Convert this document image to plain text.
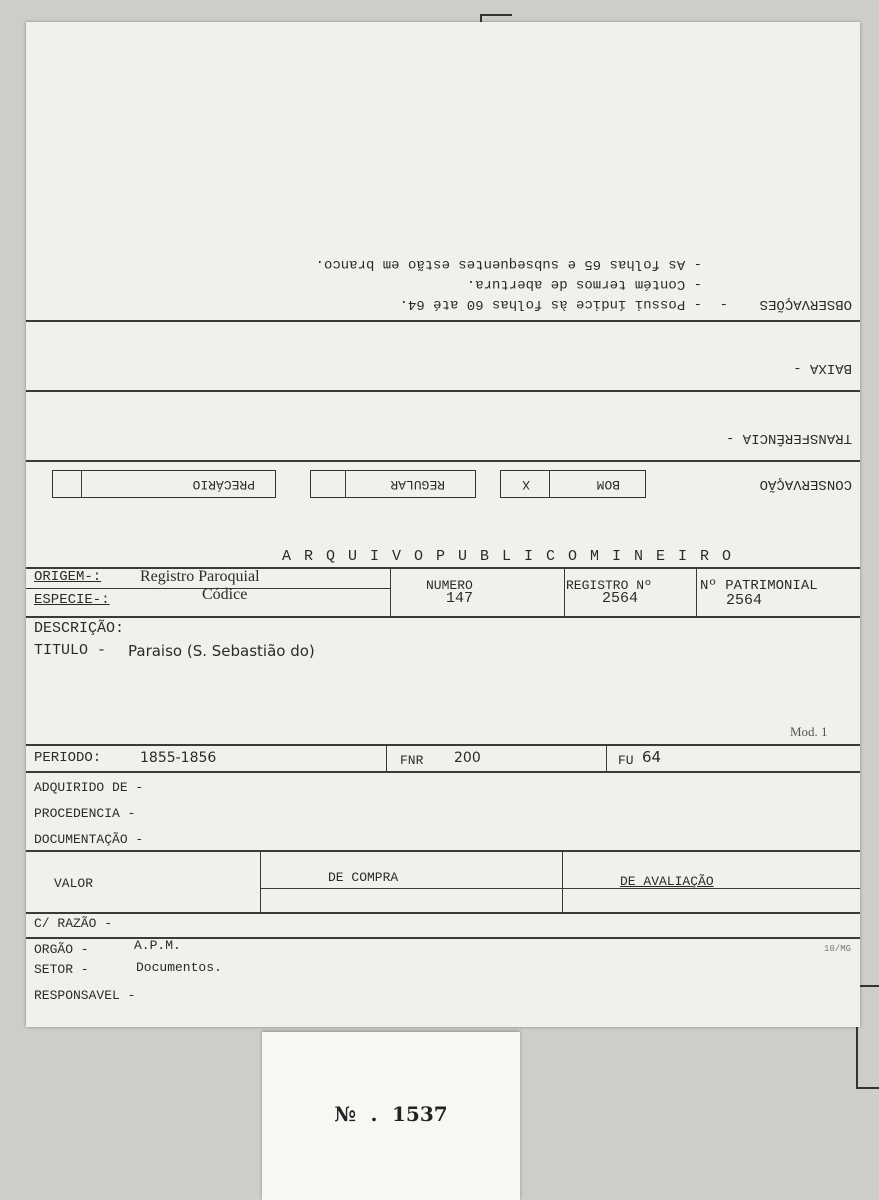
CONSERVAÇÃO
X	BOM
REGULAR
PRECÁRIO
TRANSFERÊNCIA -
BAIXA -
OBSERVAÇÕES
-
- Possui índice às folhas 60 até 64.
- Contém termos de abertura.
- As folhas 65 e subsequentes estão em branco.
A R Q U I V O P U B L I C O M I N E I R O
ORIGEM-: Registro Paroquial
ESPECIE-:	Códice
NUMERO
147
REGISTRO Nº
2564
Nº PATRIMONIAL
2564
DESCRIÇÃO:
TITULO - Paraiso (S. Sebastião do)
Mod. 1
PERIODO:	1855-1856	FNR 200	FU 64
ADQUIRIDO DE -
PROCEDENCIA -
DOCUMENTAÇÃO -
VALOR	DE COMPRA	DE AVALIAÇÃO
C/ RAZÃO -
ORGÃO -	A.P.M.	10/MG
SETOR -	Documentos.
RESPONSAVEL -
№ . 1537
